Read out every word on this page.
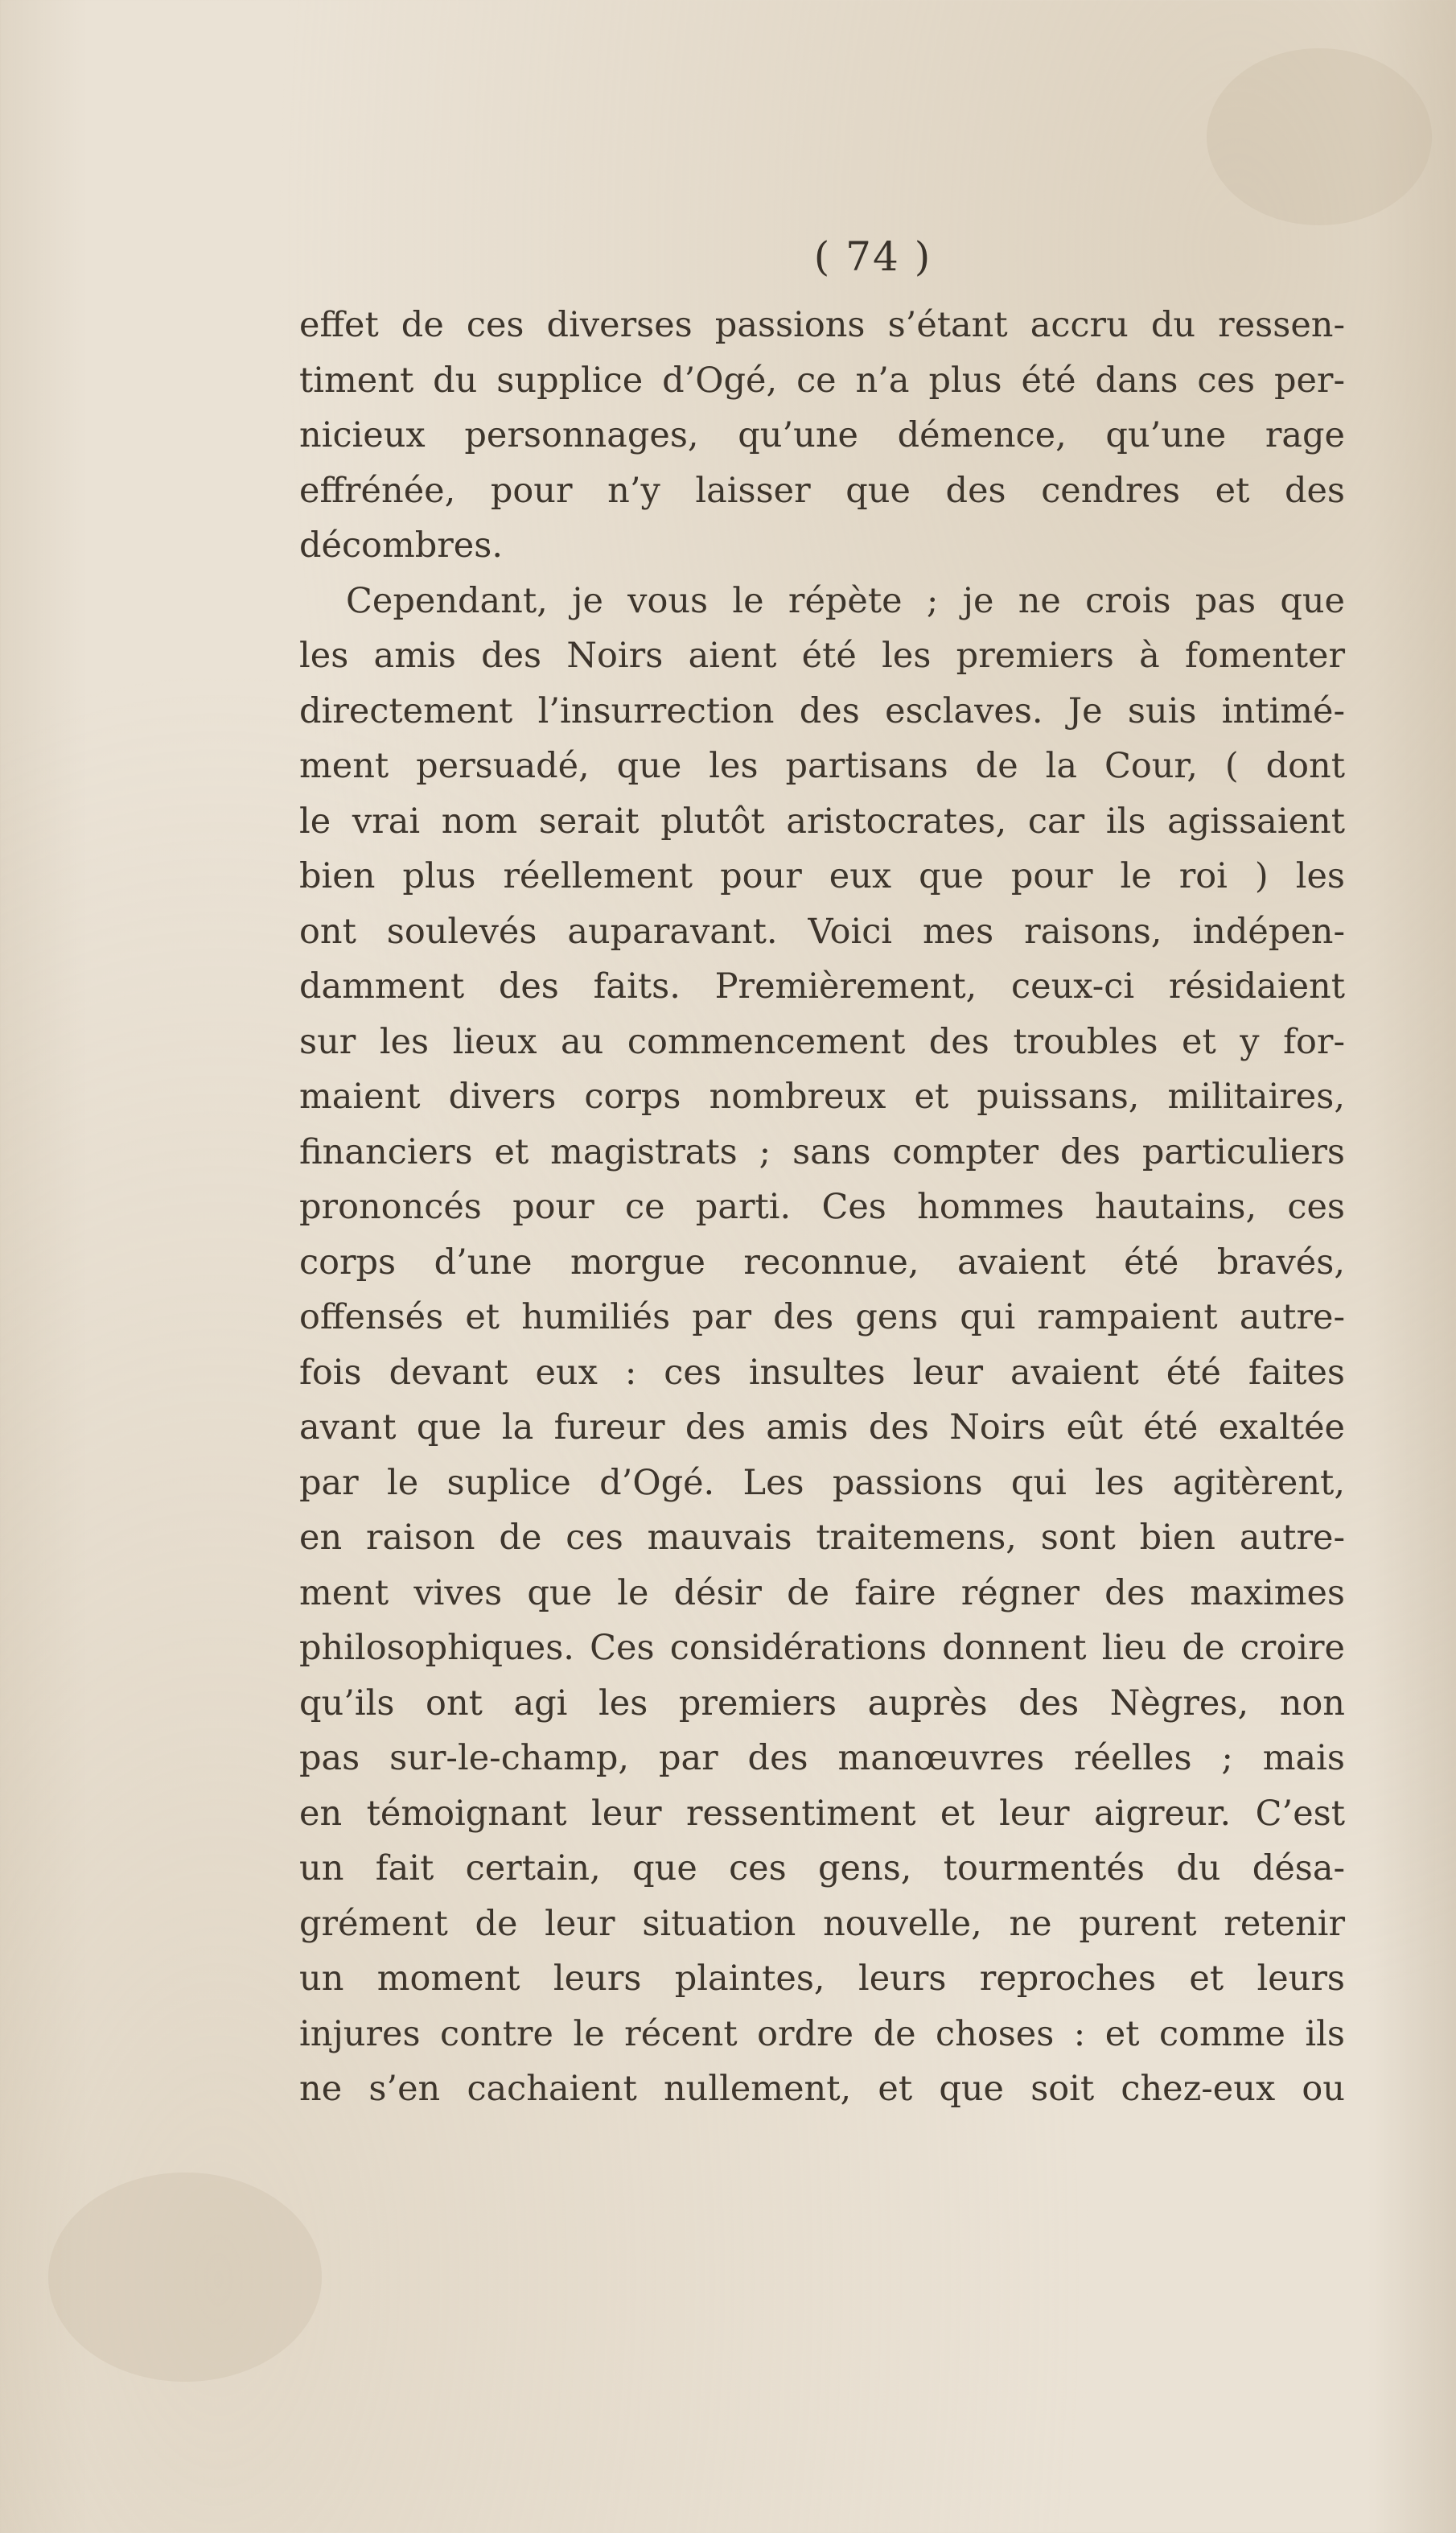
( 74 )
effet de ces diverses passions s’étant accru du ressen-
timent du supplice d’Ogé, ce n’a plus été dans ces per-
nicieux personnages, qu’une démence, qu’une rage
effrénée, pour n’y laisser que des cendres et des
décombres.
Cependant, je vous le répète ; je ne crois pas que
les amis des Noirs aient été les premiers à fomenter
directement l’insurrection des esclaves. Je suis intimé-
ment persuadé, que les partisans de la Cour, ( dont
le vrai nom serait plutôt aristocrates, car ils agissaient
bien plus réellement pour eux que pour le roi ) les
ont soulevés auparavant. Voici mes raisons, indépen-
damment des faits. Premièrement, ceux-ci résidaient
sur les lieux au commencement des troubles et y for-
maient divers corps nombreux et puissans, militaires,
financiers et magistrats ; sans compter des particuliers
prononcés pour ce parti. Ces hommes hautains, ces
corps d’une morgue reconnue, avaient été bravés,
offensés et humiliés par des gens qui rampaient autre-
fois devant eux : ces insultes leur avaient été faites
avant que la fureur des amis des Noirs eût été exaltée
par le suplice d’Ogé. Les passions qui les agitèrent,
en raison de ces mauvais traitemens, sont bien autre-
ment vives que le désir de faire régner des maximes
philosophiques. Ces considérations donnent lieu de croire
qu’ils ont agi les premiers auprès des Nègres, non
pas sur-le-champ, par des manœuvres réelles ; mais
en témoignant leur ressentiment et leur aigreur. C’est
un fait certain, que ces gens, tourmentés du désa-
grément de leur situation nouvelle, ne purent retenir
un moment leurs plaintes, leurs reproches et leurs
injures contre le récent ordre de choses : et comme ils
ne s’en cachaient nullement, et que soit chez-eux ou
